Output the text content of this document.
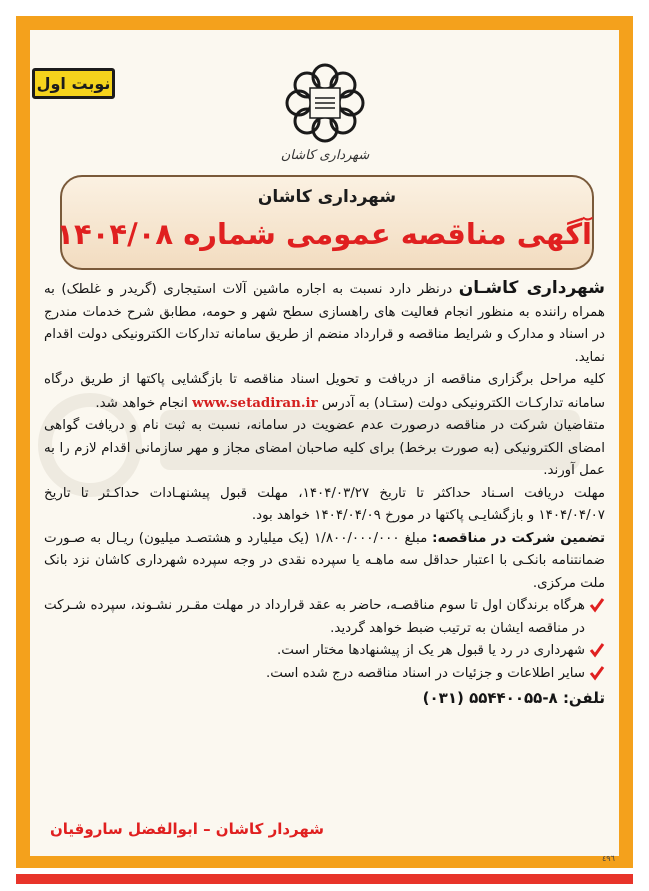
نوبت اول
شهرداری کاشان
شهرداری کاشان
آگهی مناقصه عمومی شماره ۱۴۰۴/۰۸

شهرداری کاشـان درنظر دارد نسبت به اجاره ماشین آلات استیجاری (گریدر و غلطک) به همراه راننده به منظور انجام فعالیت های راهسازی سطح شهر و حومه، مطابق شرح خدمات مندرج در اسناد و مدارک و شرایط مناقصه و قرارداد منضم از طریق سامانه تدارکات الکترونیکی دولت اقدام نماید.

کلیه مراحل برگزاری مناقصه از دریافت و تحویل اسناد مناقصه تا بازگشایی پاکتها از طریق درگاه سامانه تدارکـات الکترونیکی دولت (ستـاد) به آدرس www.setadiran.ir انجام خواهد شد.

متقاضیان شرکت در مناقصه درصورت عدم عضویت در سامانه، نسبت به ثبت نام و دریافت گواهی امضای الکترونیکی (به صورت برخط) برای کلیه صاحبان امضای مجاز و مهر سازمانی اقدام لازم را به عمل آورند.

مهلت دریافت اسـناد حداکثر تا تاریخ ۱۴۰۴/۰۳/۲۷، مهلت قبول پیشنهـادات حداکـثر تا تاریخ ۱۴۰۴/۰۴/۰۷ و بازگشایـی پاکتها در مورخ ۱۴۰۴/۰۴/۰۹ خواهد بود.

تضمین شرکت در مناقصه: مبلغ ۱/۸۰۰/۰۰۰/۰۰۰ (یک میلیارد و هشتصـد میلیون) ریـال به صـورت ضمانتنامه بانکـی با اعتبار حداقل سه ماهـه یا سپرده نقدی در وجه سپرده شهرداری کاشان نزد بانک ملت مرکزی.

هرگاه برندگان اول تا سوم مناقصـه، حاضر به عقد قرارداد در مهلت مقـرر نشـوند، سپرده شـرکت در مناقصه ایشان به ترتیب ضبط خواهد گردید.
شهرداری در رد یا قبول هر یک از پیشنهادها مختار است.
سایر اطلاعات و جزئیات در اسناد مناقصه درج شده است.
تلفن: ۸-۵۵۴۴۰۰۵۵ (۰۳۱)
شهردار کاشان – ابوالفضل ساروقیان
٤٩٦
